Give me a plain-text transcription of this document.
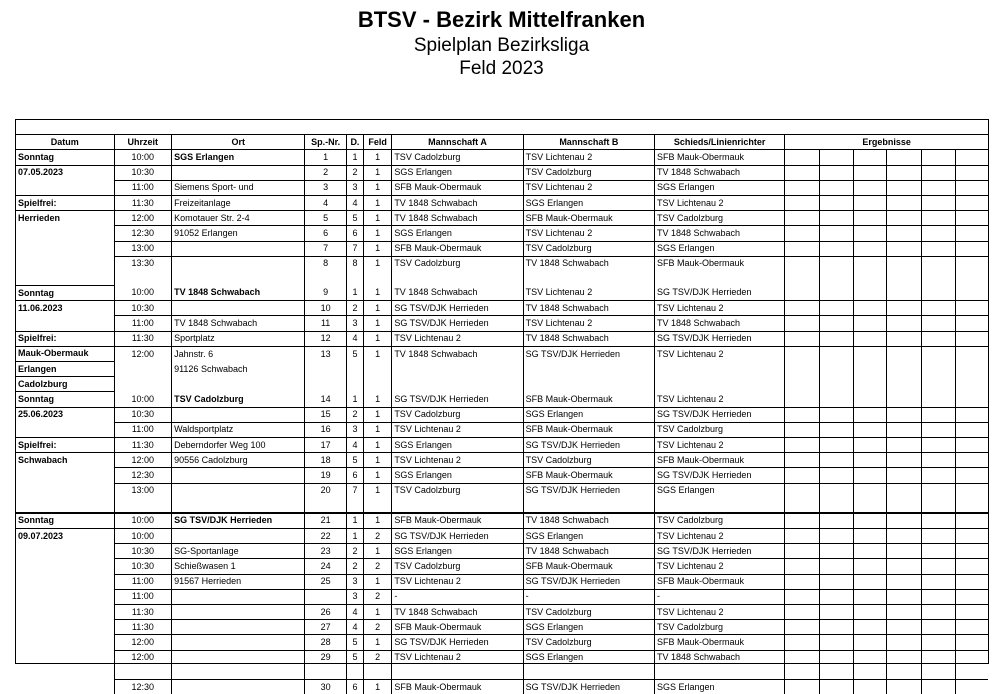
BTSV - Bezirk Mittelfranken
Spielplan Bezirksliga
Feld 2023

Datum	Uhrzeit	Ort	Sp.-Nr.	D.	Feld	Mannschaft A	Mannschaft B	Schieds/Linienrichter	Ergebnisse					
Sonntag	10:00	SGS Erlangen	1	1	1	TSV Cadolzburg	TSV Lichtenau 2	SFB Mauk-Obermauk						
07.05.2023	10:30		2	2	1	SGS Erlangen	TSV Cadolzburg	TV 1848 Schwabach						
	11:00	Siemens Sport- und	3	3	1	SFB Mauk-Obermauk	TSV Lichtenau 2	SGS Erlangen						
Spielfrei:	11:30	Freizeitanlage	4	4	1	TV 1848 Schwabach	SGS Erlangen	TSV Lichtenau 2						
Herrieden	12:00	Komotauer Str. 2-4	5	5	1	TV 1848 Schwabach	SFB Mauk-Obermauk	TSV Cadolzburg						
	12:30	91052 Erlangen	6	6	1	SGS Erlangen	TSV Lichtenau 2	TV 1848 Schwabach						
	13:00		7	7	1	SFB Mauk-Obermauk	TSV Cadolzburg	SGS Erlangen						
	13:30		8	8	1	TSV Cadolzburg	TV 1848 Schwabach	SFB Mauk-Obermauk						

Sonntag	10:00	TV 1848 Schwabach	9	1	1	TV 1848 Schwabach	TSV Lichtenau 2	SG TSV/DJK Herrieden						
11.06.2023	10:30		10	2	1	SG TSV/DJK Herrieden	TV 1848 Schwabach	TSV Lichtenau 2						
	11:00	TV 1848 Schwabach	11	3	1	SG TSV/DJK Herrieden	TSV Lichtenau 2	TV 1848 Schwabach						
Spielfrei:	11:30	Sportplatz	12	4	1	TSV Lichtenau 2	TV 1848 Schwabach	SG TSV/DJK Herrieden						
Mauk-Obermauk	12:00	Jahnstr. 6	13	5	1	TV 1848 Schwabach	SG TSV/DJK Herrieden	TSV Lichtenau 2						
Erlangen		91126 Schwabach												
Cadolzburg														
Sonntag	10:00	TSV Cadolzburg	14	1	1	SG TSV/DJK Herrieden	SFB Mauk-Obermauk	TSV Lichtenau 2						
25.06.2023	10:30		15	2	1	TSV Cadolzburg	SGS Erlangen	SG TSV/DJK Herrieden						
	11:00	Waldsportplatz	16	3	1	TSV Lichtenau 2	SFB Mauk-Obermauk	TSV Cadolzburg						
Spielfrei:	11:30	Deberndorfer Weg 100	17	4	1	SGS Erlangen	SG TSV/DJK Herrieden	TSV Lichtenau 2						
Schwabach	12:00	90556 Cadolzburg	18	5	1	TSV Lichtenau 2	TSV Cadolzburg	SFB Mauk-Obermauk						
	12:30		19	6	1	SGS Erlangen	SFB Mauk-Obermauk	SG TSV/DJK Herrieden						
	13:00		20	7	1	TSV Cadolzburg	SG TSV/DJK Herrieden	SGS Erlangen						

Sonntag	10:00	SG TSV/DJK Herrieden	21	1	1	SFB Mauk-Obermauk	TV 1848 Schwabach	TSV Cadolzburg						
09.07.2023	10:00		22	1	2	SG TSV/DJK Herrieden	SGS Erlangen	TSV Lichtenau 2						
	10:30	SG-Sportanlage	23	2	1	SGS Erlangen	TV 1848 Schwabach	SG TSV/DJK Herrieden						
	10:30	Schießwasen 1	24	2	2	TSV Cadolzburg	SFB Mauk-Obermauk	TSV Lichtenau 2						
	11:00	91567 Herrieden	25	3	1	TSV Lichtenau 2	SG TSV/DJK Herrieden	SFB Mauk-Obermauk						
	11:00			3	2	-	-	-						
	11:30		26	4	1	TV 1848 Schwabach	TSV Cadolzburg	TSV Lichtenau 2						
	11:30		27	4	2	SFB Mauk-Obermauk	SGS Erlangen	TSV Cadolzburg						
	12:00		28	5	1	SG TSV/DJK Herrieden	TSV Cadolzburg	SFB Mauk-Obermauk						
	12:00		29	5	2	TSV Lichtenau 2	SGS Erlangen	TV 1848 Schwabach						

	12:30		30	6	1	SFB Mauk-Obermauk	SG TSV/DJK Herrieden	SGS Erlangen						
